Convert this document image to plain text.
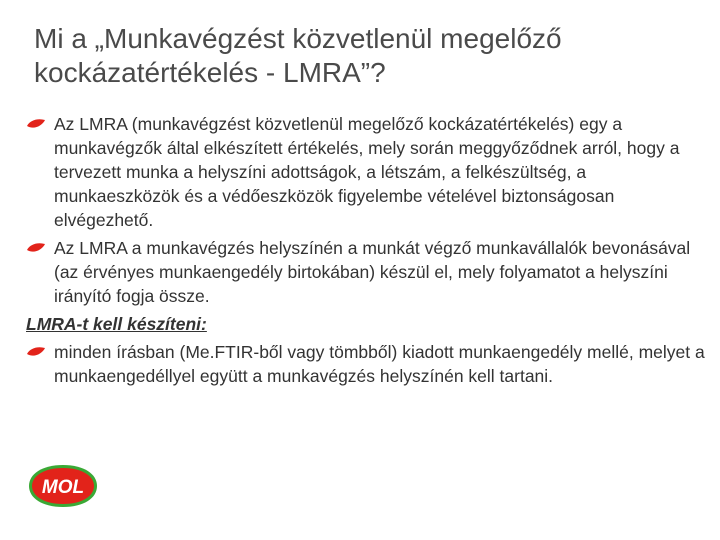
Mi a „Munkavégzést közvetlenül megelőző kockázatértékelés - LMRA”?
Az LMRA (munkavégzést közvetlenül megelőző kockázatértékelés) egy a munkavégzők által elkészített értékelés, mely során meggyőződnek arról, hogy a tervezett munka a helyszíni adottságok, a létszám, a felkészültség, a munkaeszközök és a védőeszközök figyelembe vételével biztonságosan elvégezhető.
Az LMRA a munkavégzés helyszínén a munkát végző munkavállalók bevonásával (az érvényes munkaengedély birtokában) készül el, mely folyamatot a helyszíni irányító fogja össze.
LMRA-t kell készíteni:
minden írásban (Me.FTIR-ből vagy tömbből) kiadott munkaengedély mellé, melyet a munkaengedéllyel együtt a munkavégzés helyszínén kell tartani.
MOL
